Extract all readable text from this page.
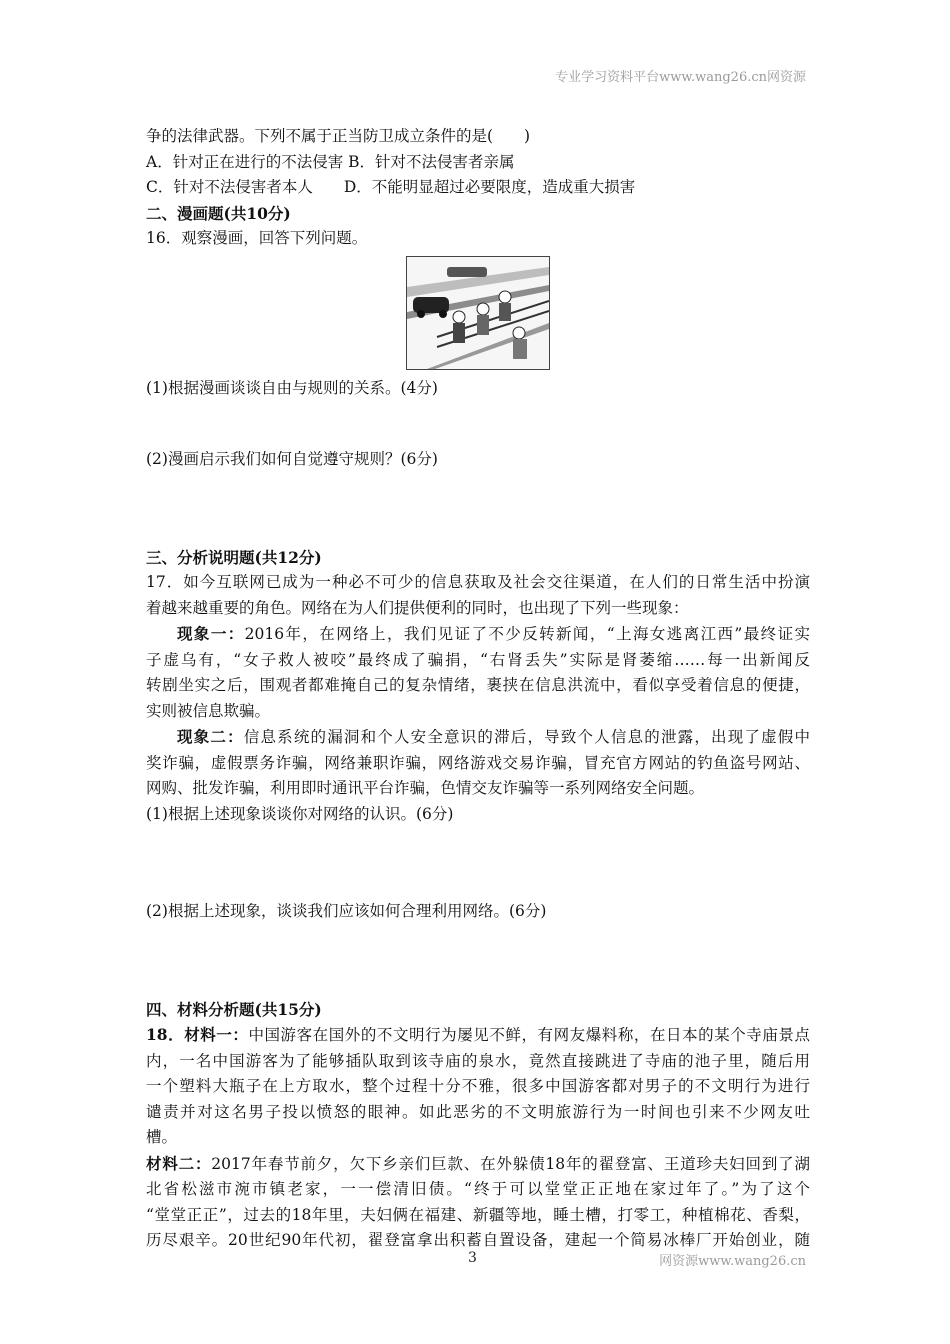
专业学习资料平台www.wang26.cn网资源
争的法律武器。下列不属于正当防卫成立条件的是(　　)
A．针对正在进行的不法侵害 B．针对不法侵害者亲属
C．针对不法侵害者本人　　D．不能明显超过必要限度，造成重大损害
二、漫画题(共10分)
16．观察漫画，回答下列问题。
(1)根据漫画谈谈自由与规则的关系。(4分)
(2)漫画启示我们如何自觉遵守规则？(6分)
三、分析说明题(共12分)
17．如今互联网已成为一种必不可少的信息获取及社会交往渠道，在人们的日常生活中扮演
着越来越重要的角色。网络在为人们提供便利的同时，也出现了下列一些现象：
现象一：2016年，在网络上，我们见证了不少反转新闻，“上海女逃离江西”最终证实
子虚乌有，“女子救人被咬”最终成了骗捐，“右肾丢失”实际是肾萎缩……每一出新闻反
转剧坐实之后，围观者都难掩自己的复杂情绪，裹挟在信息洪流中，看似享受着信息的便捷，
实则被信息欺骗。
现象二：信息系统的漏洞和个人安全意识的滞后，导致个人信息的泄露，出现了虚假中
奖诈骗，虚假票务诈骗，网络兼职诈骗，网络游戏交易诈骗，冒充官方网站的钓鱼盗号网站、
网购、批发诈骗，利用即时通讯平台诈骗，色情交友诈骗等一系列网络安全问题。
(1)根据上述现象谈谈你对网络的认识。(6分)
(2)根据上述现象，谈谈我们应该如何合理利用网络。(6分)
四、材料分析题(共15分)
18．材料一：中国游客在国外的不文明行为屡见不鲜，有网友爆料称，在日本的某个寺庙景点
内，一名中国游客为了能够插队取到该寺庙的泉水，竟然直接跳进了寺庙的池子里，随后用
一个塑料大瓶子在上方取水，整个过程十分不雅，很多中国游客都对男子的不文明行为进行
谴责并对这名男子投以愤怒的眼神。如此恶劣的不文明旅游行为一时间也引来不少网友吐
槽。
材料二：2017年春节前夕，欠下乡亲们巨款、在外躲债18年的翟登富、王道珍夫妇回到了湖
北省松滋市涴市镇老家，一一偿清旧债。“终于可以堂堂正正地在家过年了。”为了这个
“堂堂正正”，过去的18年里，夫妇俩在福建、新疆等地，睡土槽，打零工，种植棉花、香梨，
历尽艰辛。20世纪90年代初，翟登富拿出积蓄自置设备，建起一个简易冰棒厂开始创业，随
3	网资源www.wang26.cn
